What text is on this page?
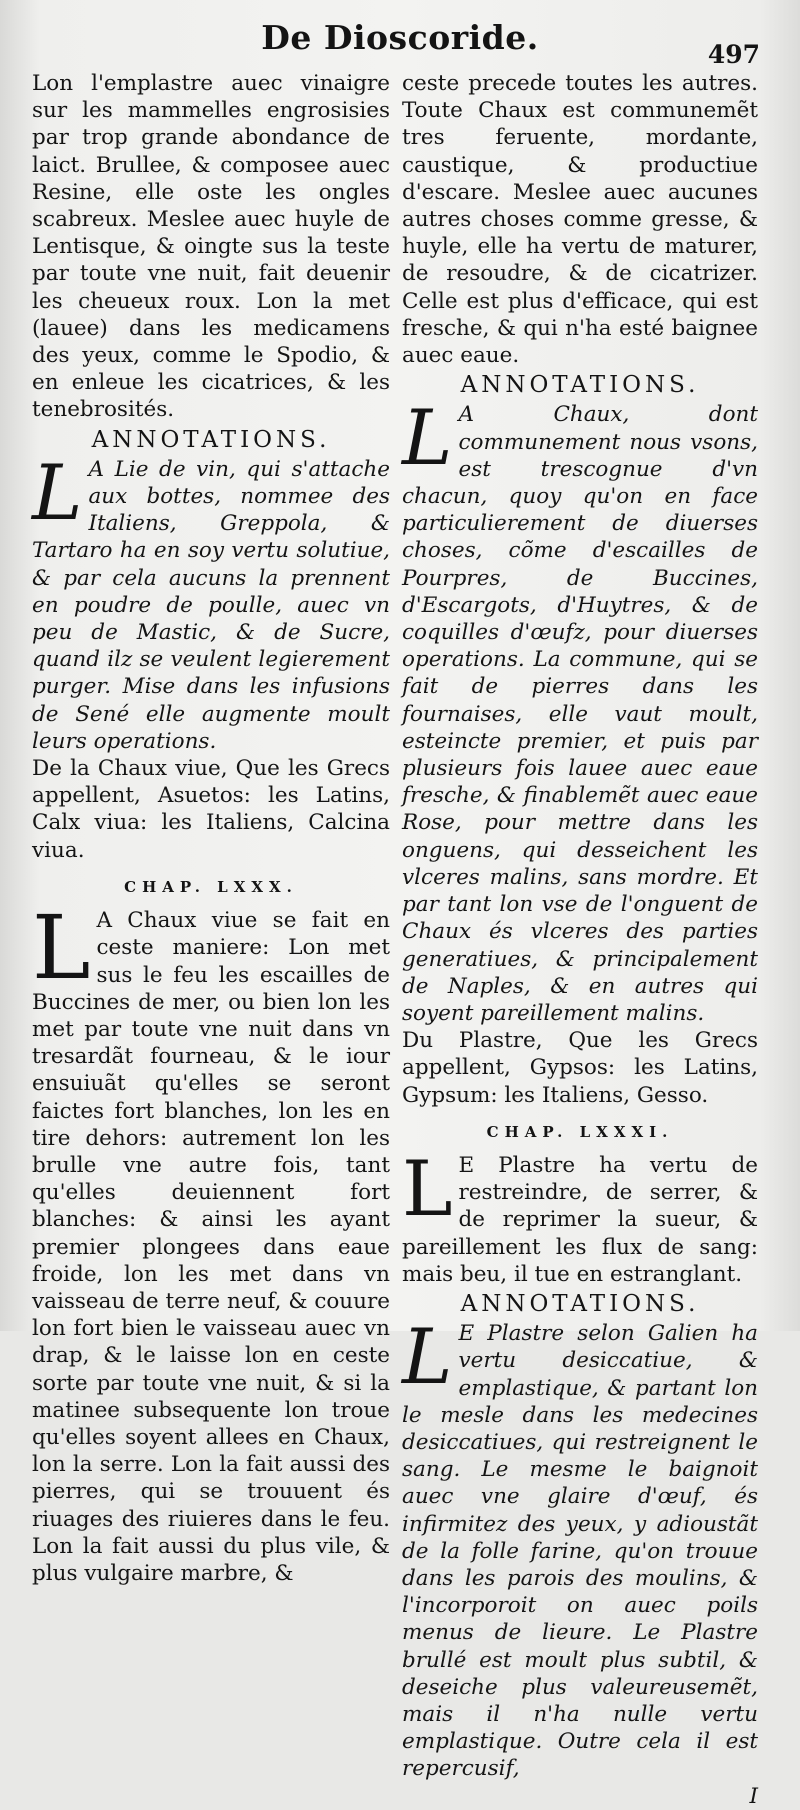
De Dioscoride.	497

Lon l'emplastre auec vinaigre sur les mammelles engrosisies par trop grande abondance de laict. Brullee, & composee auec Resine, elle oste les ongles scabreux. Meslee auec huyle de Lentisque, & oingte sus la teste par toute vne nuit, fait deuenir les cheueux roux. Lon la met (lauee) dans les medicamens des yeux, comme le Spodio, & en enleue les cicatrices, & les tenebrosités.

ANNOTATIONS.

L A Lie de vin, qui s'attache aux bottes, nommee des Italiens, Greppola, & Tartaro ha en soy vertu solutiue, & par cela aucuns la prennent en poudre de poulle, auec vn peu de Mastic, & de Sucre, quand ilz se veulent legierement purger. Mise dans les infusions de Sené elle augmente moult leurs operations.

De la Chaux viue, Que les Grecs appellent, Asuetos: les Latins, Calx viua: les Italiens, Calcina viua.

CHAP. LXXX.

L A Chaux viue se fait en ceste maniere: Lon met sus le feu les escailles de Buccines de mer, ou bien lon les met par toute vne nuit dans vn tresardãt fourneau, & le iour ensuiuãt qu'elles se seront faictes fort blanches, lon les en tire dehors: autrement lon les brulle vne autre fois, tant qu'elles deuiennent fort blanches: & ainsi les ayant premier plongees dans eaue froide, lon les met dans vn vaisseau de terre neuf, & couure lon fort bien le vaisseau auec vn drap, & le laisse lon en ceste sorte par toute vne nuit, & si la matinee subsequente lon troue qu'elles soyent allees en Chaux, lon la serre. Lon la fait aussi des pierres, qui se trouuent és riuages des riuieres dans le feu. Lon la fait aussi du plus vile, & plus vulgaire marbre, &

ceste precede toutes les autres. Toute Chaux est communemẽt tres feruente, mordante, caustique, & productiue d'escare. Meslee auec aucunes autres choses comme gresse, & huyle, elle ha vertu de maturer, de resoudre, & de cicatrizer. Celle est plus d'efficace, qui est fresche, & qui n'ha esté baignee auec eaue.

ANNOTATIONS.

L A Chaux, dont communement nous vsons, est trescognue d'vn chacun, quoy qu'on en face particulierement de diuerses choses, cõme d'escailles de Pourpres, de Buccines, d'Escargots, d'Huytres, & de coquilles d'œufz, pour diuerses operations. La commune, qui se fait de pierres dans les fournaises, elle vaut moult, esteincte premier, et puis par plusieurs fois lauee auec eaue fresche, & finablemẽt auec eaue Rose, pour mettre dans les onguens, qui desseichent les vlceres malins, sans mordre. Et par tant lon vse de l'onguent de Chaux és vlceres des parties generatiues, & principalement de Naples, & en autres qui soyent pareillement malins.

Du Plastre, Que les Grecs appellent, Gypsos: les Latins, Gypsum: les Italiens, Gesso.

CHAP. LXXXI.

L E Plastre ha vertu de restreindre, de serrer, & de reprimer la sueur, & pareillement les flux de sang: mais beu, il tue en estranglant.

ANNOTATIONS.

L E Plastre selon Galien ha vertu desiccatiue, & emplastique, & partant lon le mesle dans les medecines desiccatiues, qui restreignent le sang. Le mesme le baignoit auec vne glaire d'œuf, és infirmitez des yeux, y adioustãt de la folle farine, qu'on trouue dans les parois des moulins, & l'incorporoit on auec poils menus de lieure. Le Plastre brullé est moult plus subtil, & deseiche plus valeureusemẽt, mais il n'ha nulle vertu emplastique. Outre cela il est repercusif,

I
